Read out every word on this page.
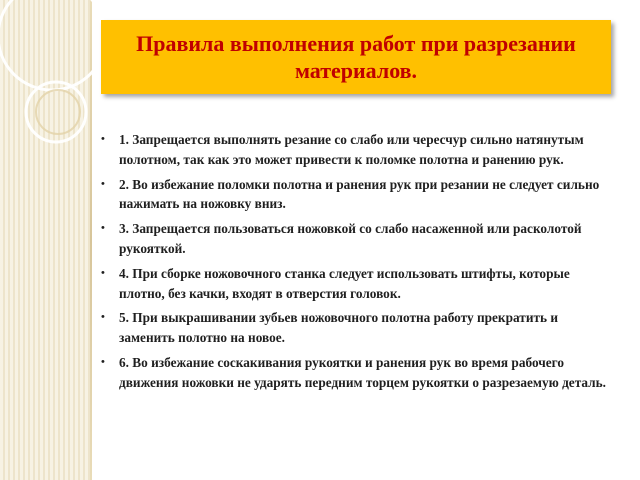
Правила выполнения работ при разрезании материалов.
• 1. Запрещается выполнять резание со слабо или чересчур сильно натянутым полотном, так как это может привести к поломке полотна и ранению рук.
• 2. Во избежание поломки полотна и ранения рук при резании не следует сильно нажимать на ножовку вниз.
• 3. Запрещается пользоваться ножовкой со слабо насаженной или расколотой рукояткой.
• 4. При сборке ножовочного станка следует использовать штифты, которые плотно, без качки, входят в отверстия головок.
• 5. При выкрашивании зубьев ножовочного полотна работу прекратить и заменить полотно на новое.
• 6. Во избежание соскакивания рукоятки и ранения рук во время рабочего движения ножовки не ударять передним торцем рукоятки о разрезаемую деталь.
